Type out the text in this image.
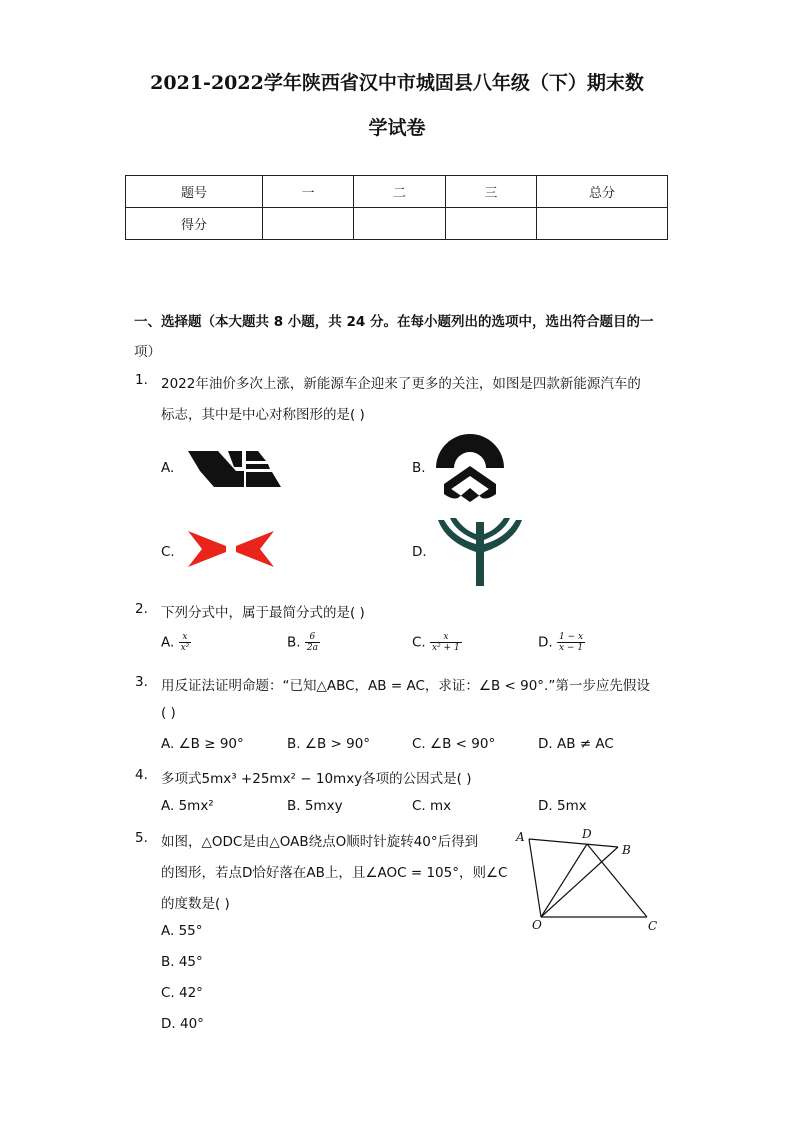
2021-2022学年陕西省汉中市城固县八年级（下）期末数
学试卷
题号	一	二	三	总分
得分				
一、选择题（本大题共 8 小题，共 24 分。在每小题列出的选项中，选出符合题目的一
项）
1. 2022年油价多次上涨，新能源车企迎来了更多的关注，如图是四款新能源汽车的
标志，其中是中心对称图形的是( )
A.	B.
C.	D.
2. 下列分式中，属于最简分式的是( )
A. $\frac{x}{\text{x²}}$	B. $\frac{6}{2a}$	C. $\frac{x}{\text{x² + 1}}$	D. $\frac{1 - x}{x - 1}$
3. 用反证法证明命题：“已知△ABC，AB = AC，求证：∠B < 90°.”第一步应先假设
( )
A. ∠B ≥ 90°	B. ∠B > 90°	C. ∠B < 90°	D. AB ≠ AC
4. 多项式5mx³ +25mx² − 10mxy各项的公因式是( )
A. 5mx²	B. 5mxy	C. mx	D. 5mx
5. 如图，△ODC是由△OAB绕点O顺时针旋转40°后得到
的图形，若点D恰好落在AB上，且∠AOC = 105°，则∠C
的度数是( )
A. 55°
B. 45°
C. 42°
D. 40°
A	D
B
O	C
